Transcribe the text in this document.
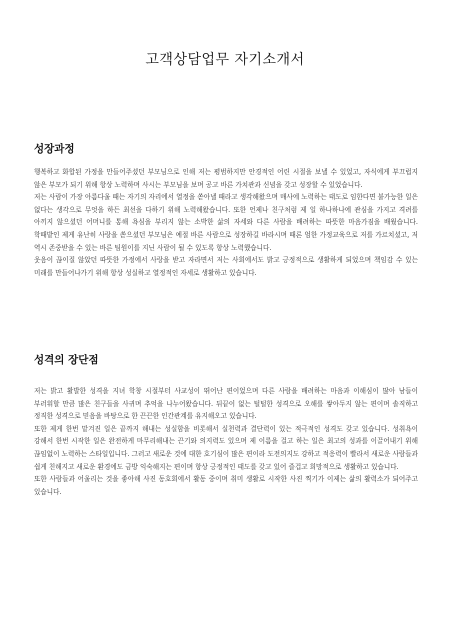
고객상담업무 자기소개서
성장과정

행복하고 화합된 가정을 만들어주셨던 부모님으로 인해 저는 평범하지만 안경적인 어린 시절을 보낼 수 있었고, 자식에게 부끄럽지 않은 부모가 되기 위해 항상 노력하며 사시는 부모님을 보며 공고 바른 가치관과 신념을 갖고 성장할 수 있었습니다.

저는 사람이 가장 아름다울 때는 자기의 자리에서 열정을 쏟아낼 때라고 생각해왔으며 매사에 노력하는 태도로 임한다면 불가능한 일은 없다는 생각으로 무엇을 하든 최선을 다하기 위해 노력해왔습니다. 또한 언제나 친구처럼 제 일 하나하나에 관심을 가지고 격려를 아끼지 않으셨던 어머니를 통해 욕심을 부리지 않는 소박한 삶의 자세와 다른 사람을 배려하는 따뜻한 마음가짐을 배웠습니다. 학때밭인 제게 유난히 사랑을 쏟으셨던 부모님은 예절 바른 사람으로 성장하길 바라시며 때론 엄한 가정교육으로 저를 가르치셨고, 저 역시 존중받을 수 있는 바른 팀원이를 지닌 사람이 될 수 있도록 항상 노력했습니다.

웃음이 끊이질 않았던 따뜻한 가정에서 사랑을 받고 자라면서 저는 사회에서도 밝고 긍정적으로 생활하게 되었으며 책임감 수 있는 미래를 만들어나가기 위해 항상 성실하고 열정적인 자세로 생활하고 있습니다.

성격의 장단점

저는 밝고 활발한 성격을 지녀 학창 시절부터 사교성이 뛰어난 편이었으며 다른 사람을 배려하는 마음과 이해심이 많아 남들이 부러워할 만큼 많은 친구들을 사귀며 추억을 나누어왔습니다. 뒤끝이 없는 털털한 성격으로 오해를 쌓아두지 않는 편이며 솔직하고 정직한 성격으로 믿음을 바탕으로 한 끈끈한 인간관계를 유지해오고 있습니다.

또한 제게 한번 맡겨진 일은 끝까지 해내는 성실함을 비롯해서 실천력과 결단력이 있는 적극적인 성격도 갖고 있습니다. 성취욕이 강해서 한번 시작한 일은 완전하게 마무리해내는 끈기와 의지력도 있으며 제 이름을 걸고 하는 일은 최고의 성과를 이끌어내기 위해 끊임없이 노력하는 스타일입니다. 그러고 새로운 것에 대한 호기심이 많은 편이라 도전의지도 강하고 적응력이 빨라서 새로운 사람들과 쉽게 친해지고 새로운 환경에도 금방 익숙해지는 편이며 항상 긍정적인 태도를 갖고 있어 즐겁고 희망적으로 생활하고 있습니다.

또한 사람들과 어울리는 것을 좋아해 사진 동호회에서 활동 중이며 취미 생활로 시작한 사진 찍기가 이제는 삶의 활력소가 되어주고 있습니다.
